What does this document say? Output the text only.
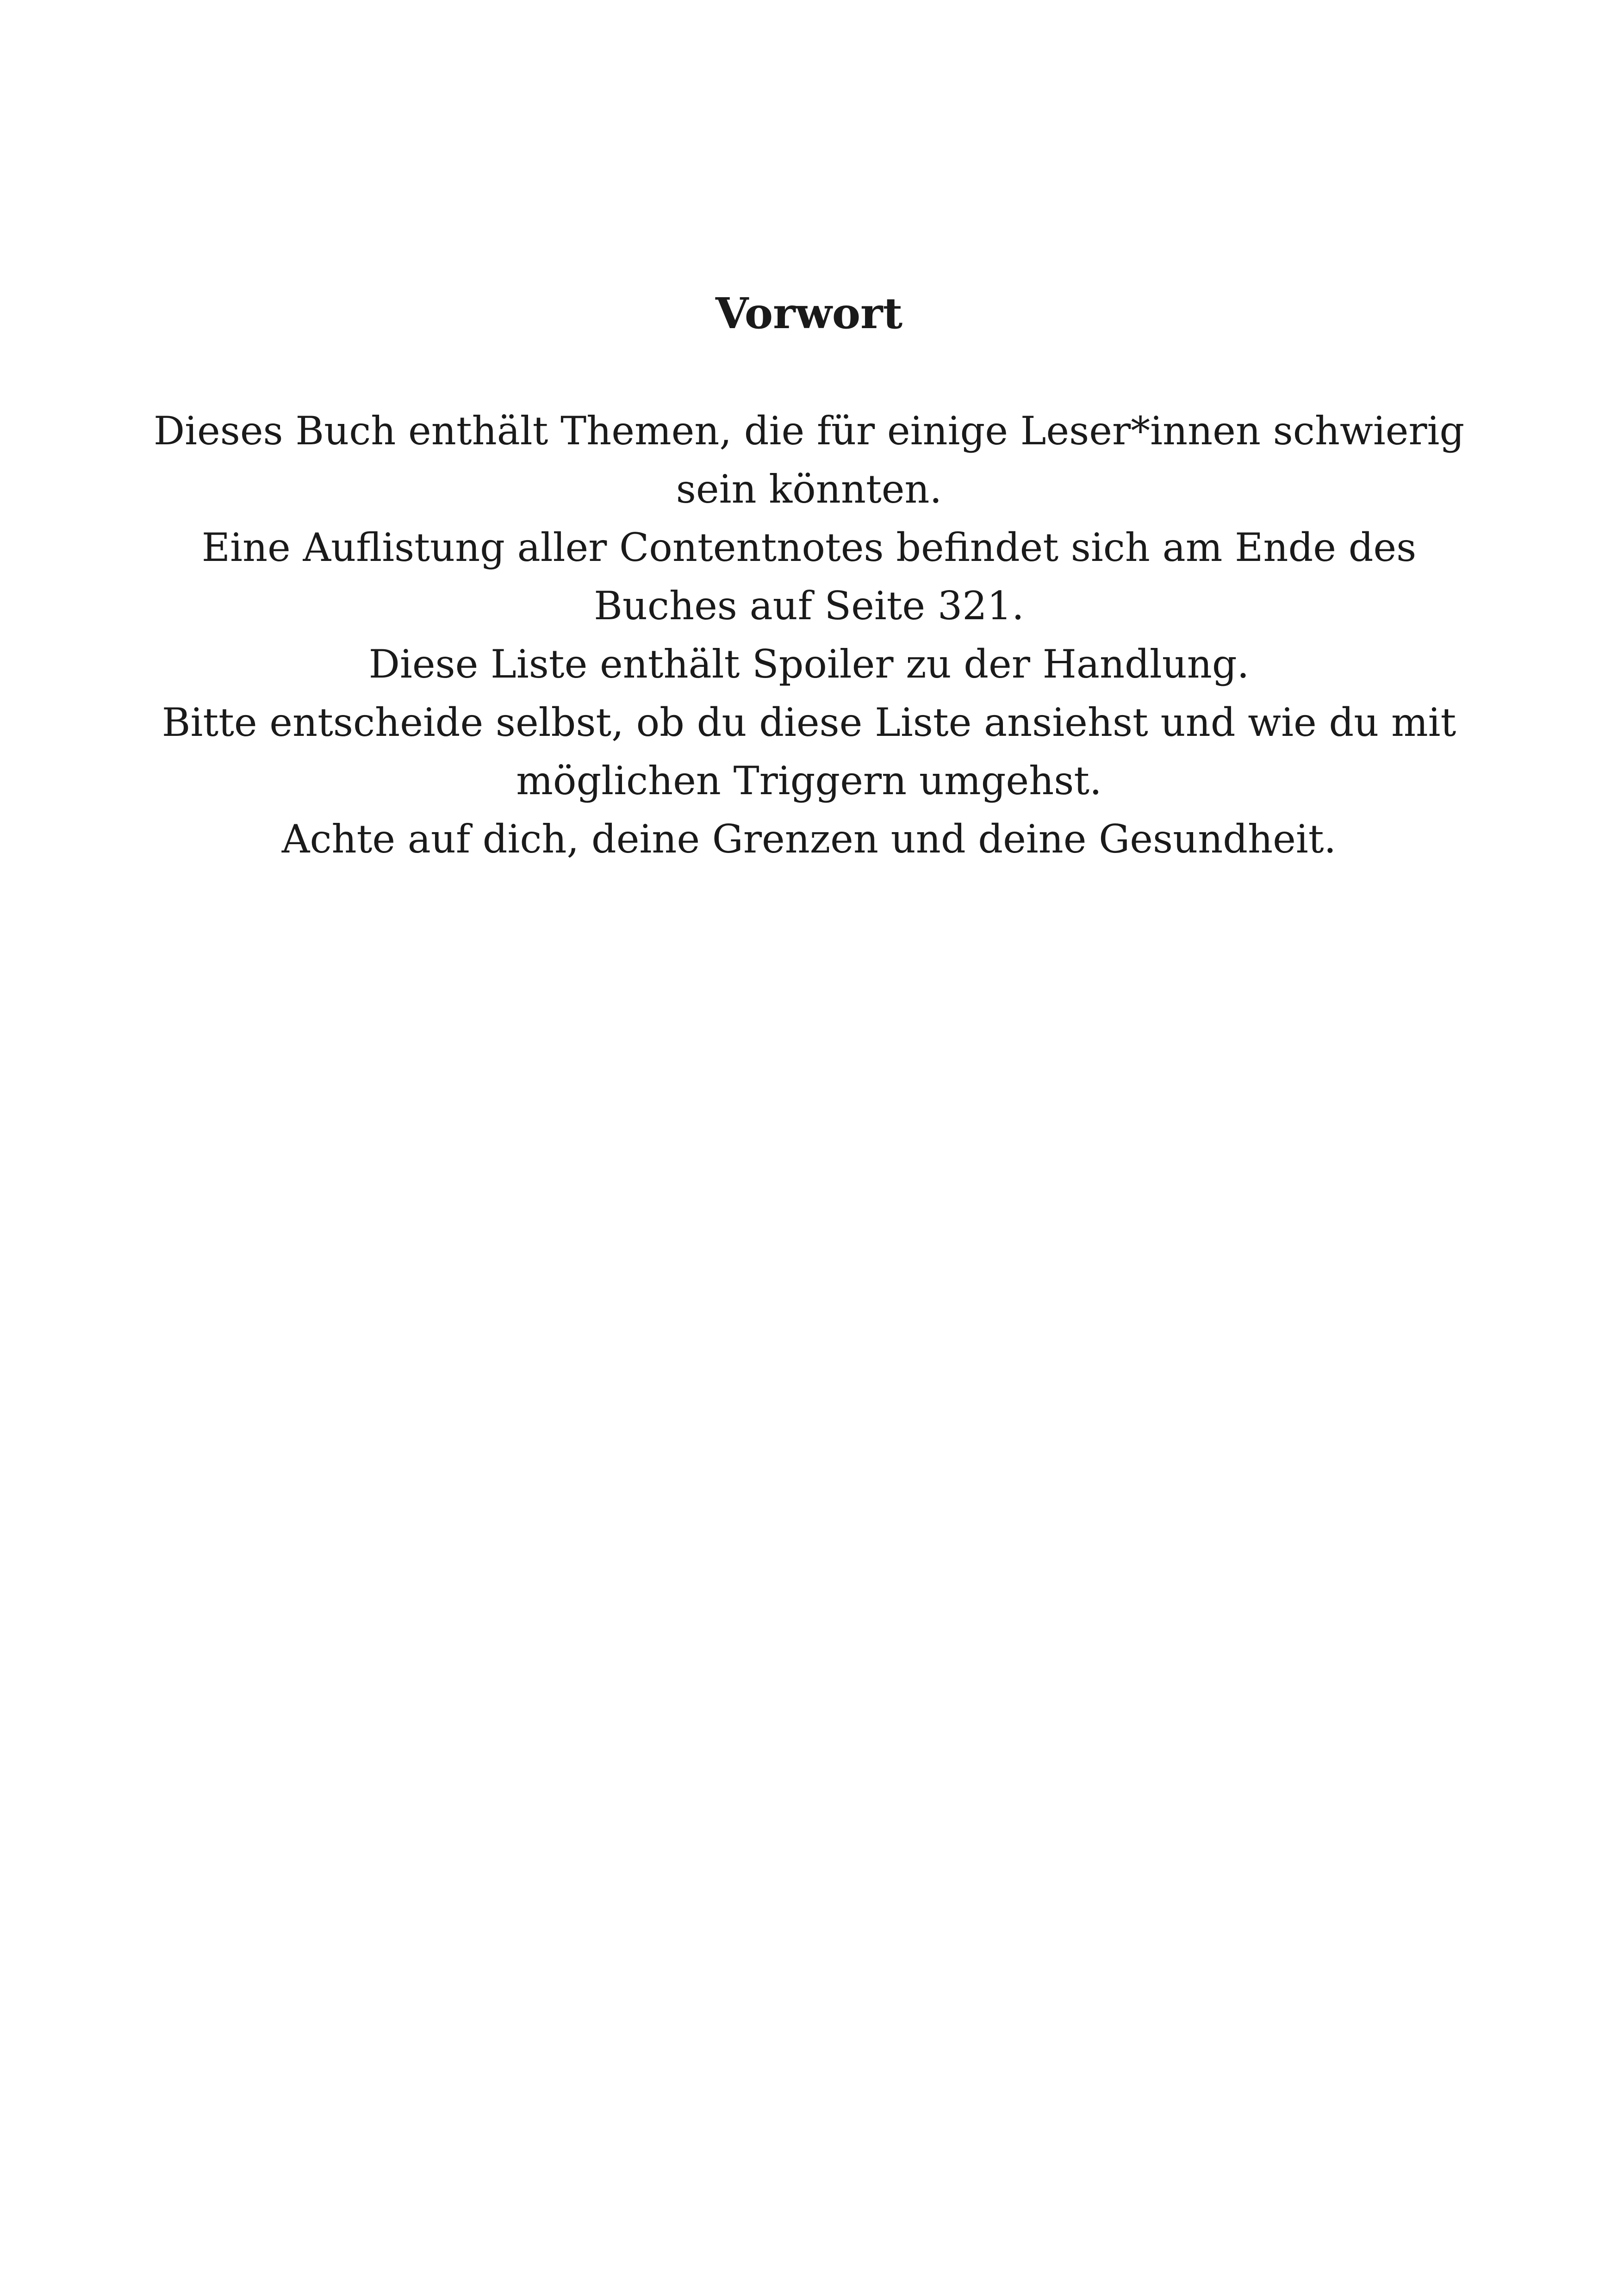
Vorwort

Dieses Buch enthält Themen, die für einige Leser*innen schwierig
sein könnten.
Eine Auflistung aller Contentnotes befindet sich am Ende des
Buches auf Seite 321.
Diese Liste enthält Spoiler zu der Handlung.
Bitte entscheide selbst, ob du diese Liste ansiehst und wie du mit
möglichen Triggern umgehst.
Achte auf dich, deine Grenzen und deine Gesundheit.
